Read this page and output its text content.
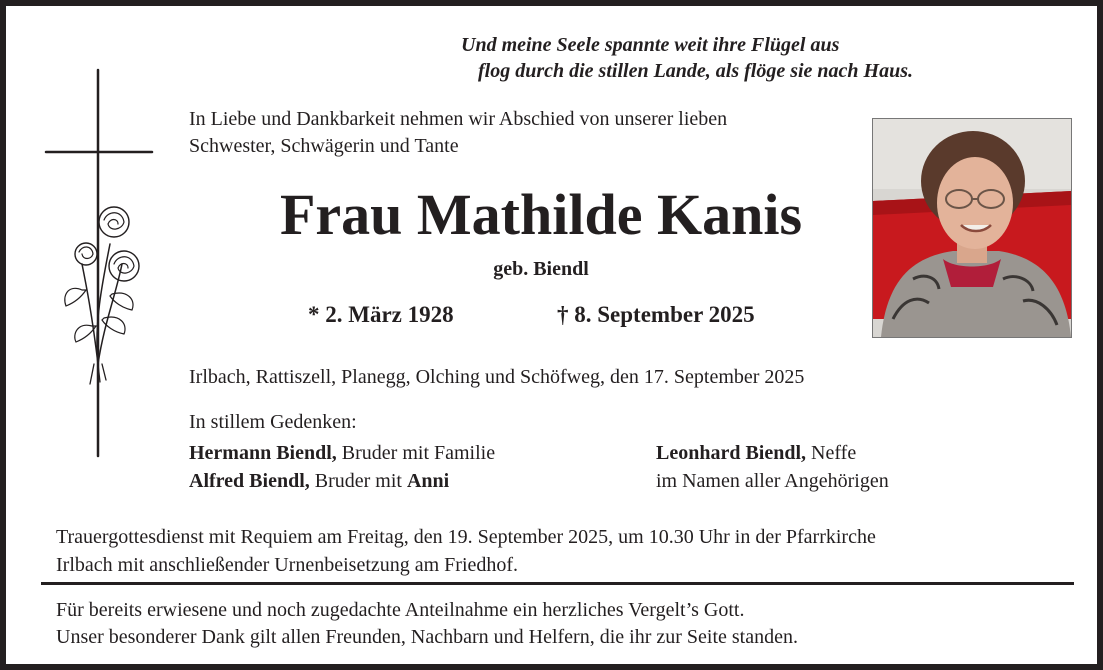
Und meine Seele spannte weit ihre Flügel aus
flog durch die stillen Lande, als flöge sie nach Haus.
In Liebe und Dankbarkeit nehmen wir Abschied von unserer lieben
Schwester, Schwägerin und Tante
Frau Mathilde Kanis
geb. Biendl
* 2. März 1928	† 8. September 2025
Irlbach, Rattiszell, Planegg, Olching und Schöfweg, den 17. September 2025
In stillem Gedenken:
Hermann Biendl, Bruder mit Familie
Alfred Biendl, Bruder mit Anni
Leonhard Biendl, Neffe
im Namen aller Angehörigen
Trauergottesdienst mit Requiem am Freitag, den 19. September 2025, um 10.30 Uhr in der Pfarrkirche
Irlbach mit anschließender Urnenbeisetzung am Friedhof.
Für bereits erwiesene und noch zugedachte Anteilnahme ein herzliches Vergelt’s Gott.
Unser besonderer Dank gilt allen Freunden, Nachbarn und Helfern, die ihr zur Seite standen.
